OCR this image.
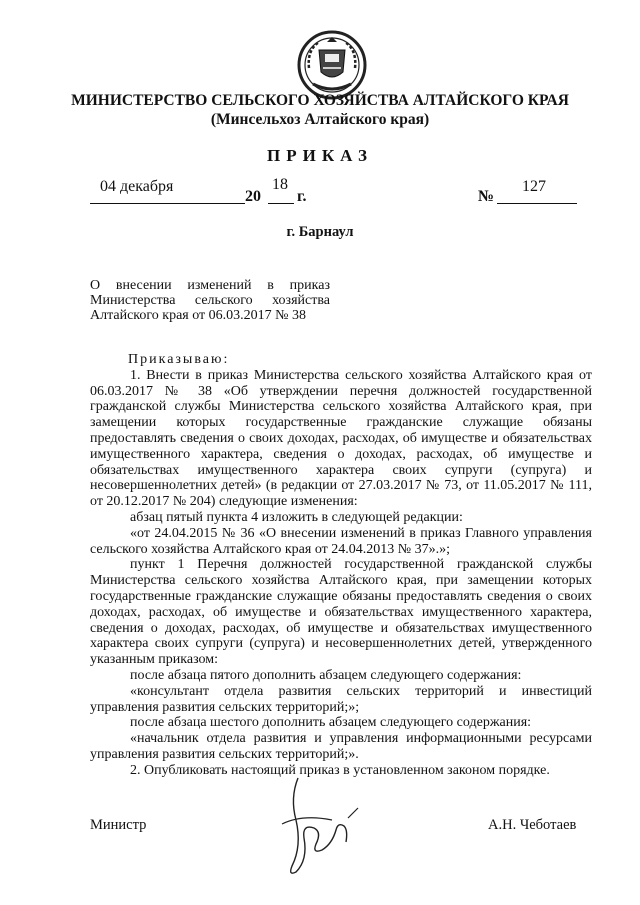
МИНИСТЕРСТВО СЕЛЬСКОГО ХОЗЯЙСТВА АЛТАЙСКОГО КРАЯ
(Минсельхоз Алтайского края)
ПРИКАЗ
04 декабря
20
18
г.	№
127
г. Барнаул
О внесении изменений в приказ Министерства сельского хозяйства Алтайского края от 06.03.2017 № 38

Приказываю:

1. Внести в приказ Министерства сельского хозяйства Алтайского края от 06.03.2017 № 38 «Об утверждении перечня должностей государственной гражданской службы Министерства сельского хозяйства Алтайского края, при замещении которых государственные гражданские служащие обязаны предоставлять сведения о своих доходах, расходах, об имуществе и обязательствах имущественного характера, сведения о доходах, расходах, об имуществе и обязательствах имущественного характера своих супруги (супруга) и несовершеннолетних детей» (в редакции от 27.03.2017 № 73, от 11.05.2017 № 111, от 20.12.2017 № 204) следующие изменения:

абзац пятый пункта 4 изложить в следующей редакции:

«от 24.04.2015 № 36 «О внесении изменений в приказ Главного управления сельского хозяйства Алтайского края от 24.04.2013 № 37».»;

пункт 1 Перечня должностей государственной гражданской службы Министерства сельского хозяйства Алтайского края, при замещении которых государственные гражданские служащие обязаны предоставлять сведения о своих доходах, расходах, об имуществе и обязательствах имущественного характера, сведения о доходах, расходах, об имуществе и обязательствах имущественного характера своих супруги (супруга) и несовершеннолетних детей, утвержденного указанным приказом:

после абзаца пятого дополнить абзацем следующего содержания:

«консультант отдела развития сельских территорий и инвестиций управления развития сельских территорий;»;

после абзаца шестого дополнить абзацем следующего содержания:

«начальник отдела развития и управления информационными ресурсами управления развития сельских территорий;».

2. Опубликовать настоящий приказ в установленном законом порядке.

Министр	А.Н. Чеботаев
